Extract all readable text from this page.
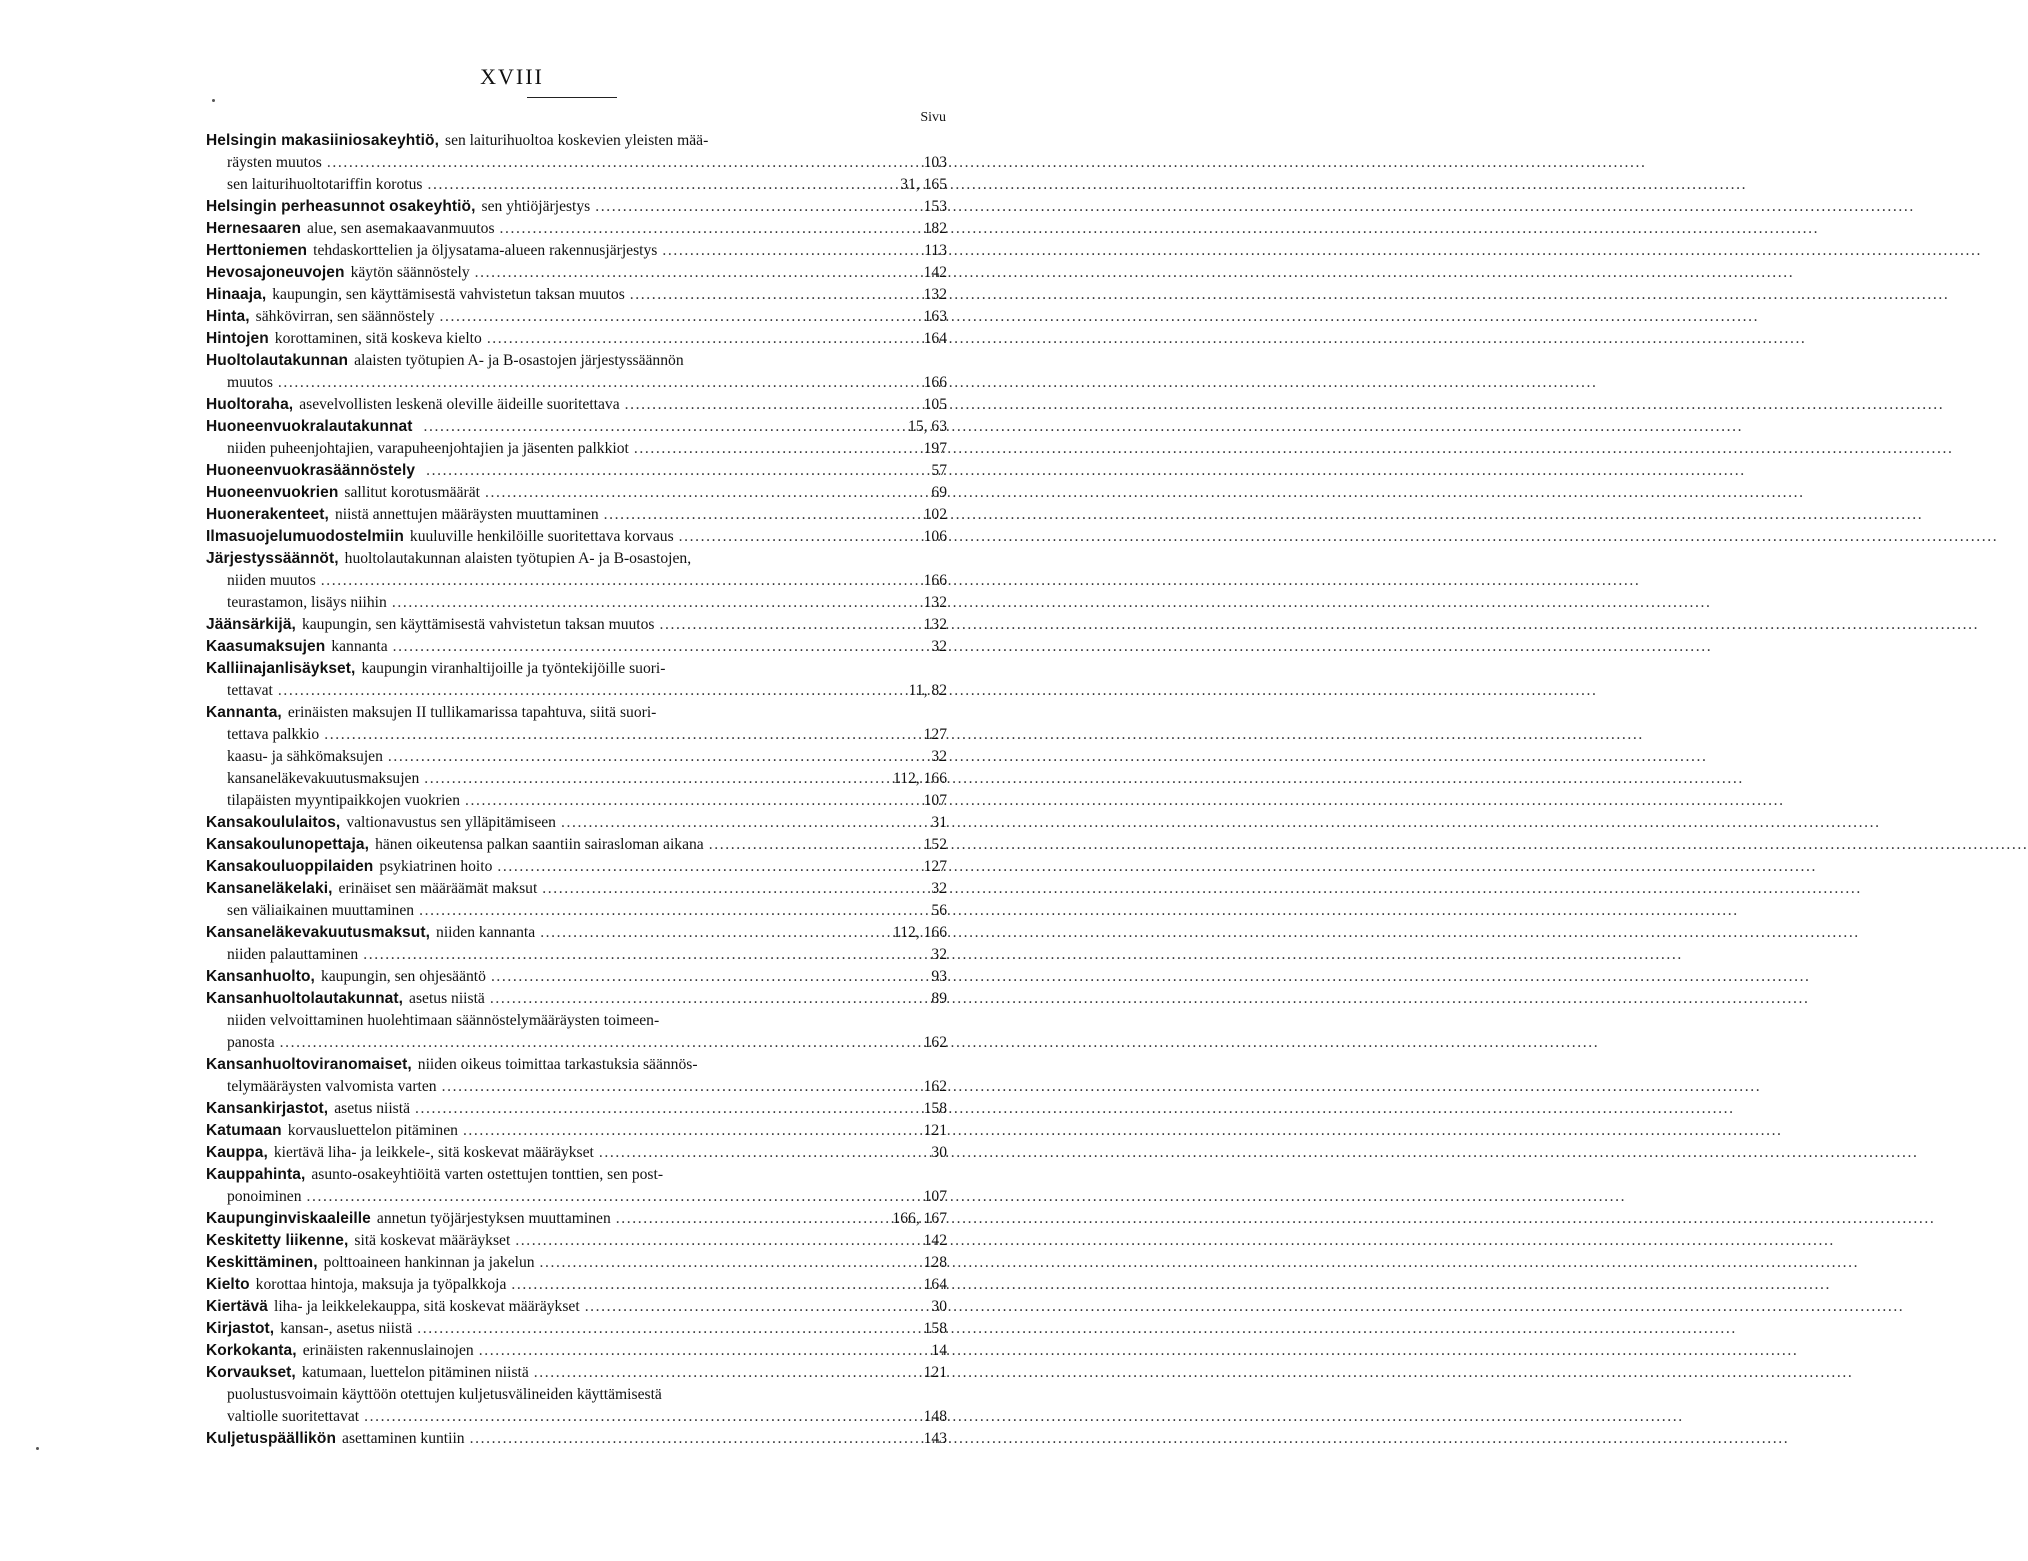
XVIII
Sivu
Helsingin makasiiniosakeyhtiö, sen laiturihuoltoa koskevien yleisten mää-
räysten muutos .....	103
sen laiturihuoltotariffin korotus .....	31, 165
Helsingin perheasunnot osakeyhtiö, sen yhtiöjärjestys .....	153
Hernesaaren alue, sen asemakaavanmuutos .....	182
Herttoniemen tehdaskorttelien ja öljysatama-alueen rakennusjärjestys .....	113
Hevosajoneuvojen käytön säännöstely .....	142
Hinaaja, kaupungin, sen käyttämisestä vahvistetun taksan muutos .....	132
Hinta, sähkövirran, sen säännöstely .....	163
Hintojen korottaminen, sitä koskeva kielto .....	164
Huoltolautakunnan alaisten työtupien A- ja B-osastojen järjestyssäännön
muutos .....	166
Huoltoraha, asevelvollisten leskenä oleville äideille suoritettava .....	105
Huoneenvuokralautakunnat .....	15, 63
niiden puheenjohtajien, varapuheenjohtajien ja jäsenten palkkiot .....	197
Huoneenvuokrasäännöstely .....	57
Huoneenvuokrien sallitut korotusmäärät .....	69
Huonerakenteet, niistä annettujen määräysten muuttaminen .....	102
Ilmasuojelumuodostelmiin kuuluville henkilöille suoritettava korvaus .....	106
Järjestyssäännöt, huoltolautakunnan alaisten työtupien A- ja B-osastojen,
niiden muutos .....	166
teurastamon, lisäys niihin .....	132
Jäänsärkijä, kaupungin, sen käyttämisestä vahvistetun taksan muutos .....	132
Kaasumaksujen kannanta .....	32
Kalliinajanlisäykset, kaupungin viranhaltijoille ja työntekijöille suori-
tettavat .....	11, 82
Kannanta, erinäisten maksujen II tullikamarissa tapahtuva, siitä suori-
tettava palkkio .....	127
kaasu- ja sähkömaksujen .....	32
kansaneläkevakuutusmaksujen .....	112, 166
tilapäisten myyntipaikkojen vuokrien .....	107
Kansakoululaitos, valtionavustus sen ylläpitämiseen .....	31
Kansakoulunopettaja, hänen oikeutensa palkan saantiin sairasloman aikana .....	152
Kansakouluoppilaiden psykiatrinen hoito .....	127
Kansaneläkelaki, erinäiset sen määräämät maksut .....	32
sen väliaikainen muuttaminen .....	56
Kansaneläkevakuutusmaksut, niiden kannanta .....	112, 166
niiden palauttaminen .....	32
Kansanhuolto, kaupungin, sen ohjesääntö .....	93
Kansanhuoltolautakunnat, asetus niistä .....	89
niiden velvoittaminen huolehtimaan säännöstelymääräysten toimeen-
panosta .....	162
Kansanhuoltoviranomaiset, niiden oikeus toimittaa tarkastuksia säännös-
telymääräysten valvomista varten .....	162
Kansankirjastot, asetus niistä .....	158
Katumaan korvausluettelon pitäminen .....	121
Kauppa, kiertävä liha- ja leikkele-, sitä koskevat määräykset .....	30
Kauppahinta, asunto-osakeyhtiöitä varten ostettujen tonttien, sen post-
ponoiminen .....	107
Kaupunginviskaaleille annetun työjärjestyksen muuttaminen .....	166, 167
Keskitetty liikenne, sitä koskevat määräykset .....	142
Keskittäminen, polttoaineen hankinnan ja jakelun .....	128
Kielto korottaa hintoja, maksuja ja työpalkkoja .....	164
Kiertävä liha- ja leikkelekauppa, sitä koskevat määräykset .....	30
Kirjastot, kansan-, asetus niistä .....	158
Korkokanta, erinäisten rakennuslainojen .....	14
Korvaukset, katumaan, luettelon pitäminen niistä .....	121
puolustusvoimain käyttöön otettujen kuljetusvälineiden käyttämisestä
valtiolle suoritettavat .....	148
Kuljetuspäällikön asettaminen kuntiin .....	143
